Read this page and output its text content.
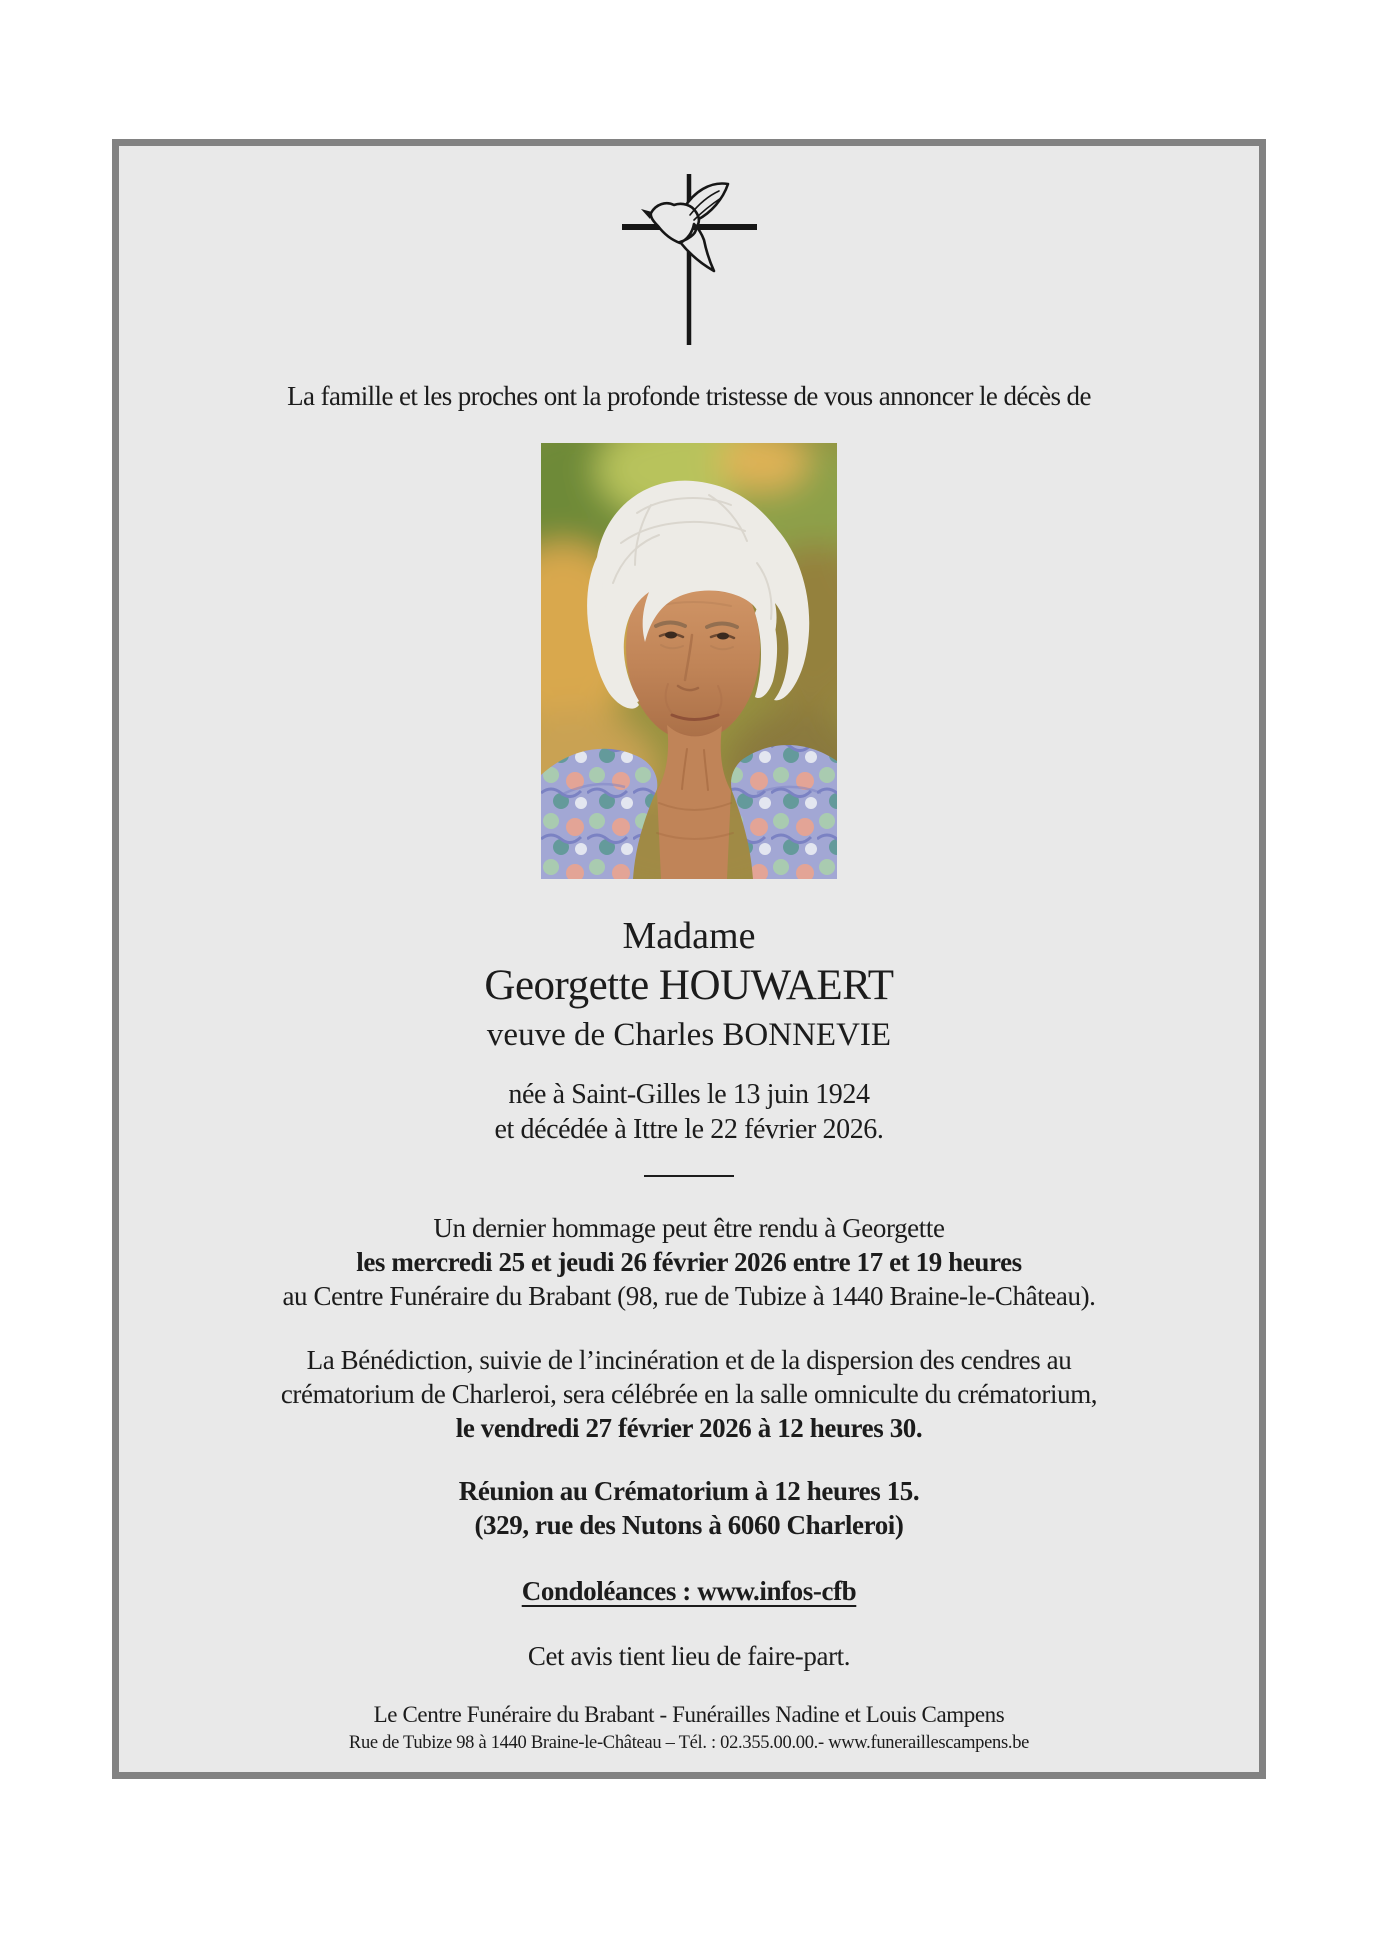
La famille et les proches ont la profonde tristesse de vous annoncer le décès de

Madame
Georgette HOUWAERT
veuve de Charles BONNEVIE
née à Saint-Gilles le 13 juin 1924
et décédée à Ittre le 22 février 2026.
Un dernier hommage peut être rendu à Georgette
les mercredi 25 et jeudi 26 février 2026 entre 17 et 19 heures
au Centre Funéraire du Brabant (98, rue de Tubize à 1440 Braine-le-Château).
La Bénédiction, suivie de l’incinération et de la dispersion des cendres au
crématorium de Charleroi, sera célébrée en la salle omniculte du crématorium,
le vendredi 27 février 2026 à 12 heures 30.
Réunion au Crématorium à 12 heures 15.
(329, rue des Nutons à 6060 Charleroi)
Condoléances : www.infos-cfb
Cet avis tient lieu de faire-part.
Le Centre Funéraire du Brabant - Funérailles Nadine et Louis Campens
Rue de Tubize 98 à 1440 Braine-le-Château – Tél. : 02.355.00.00.- www.funeraillescampens.be
